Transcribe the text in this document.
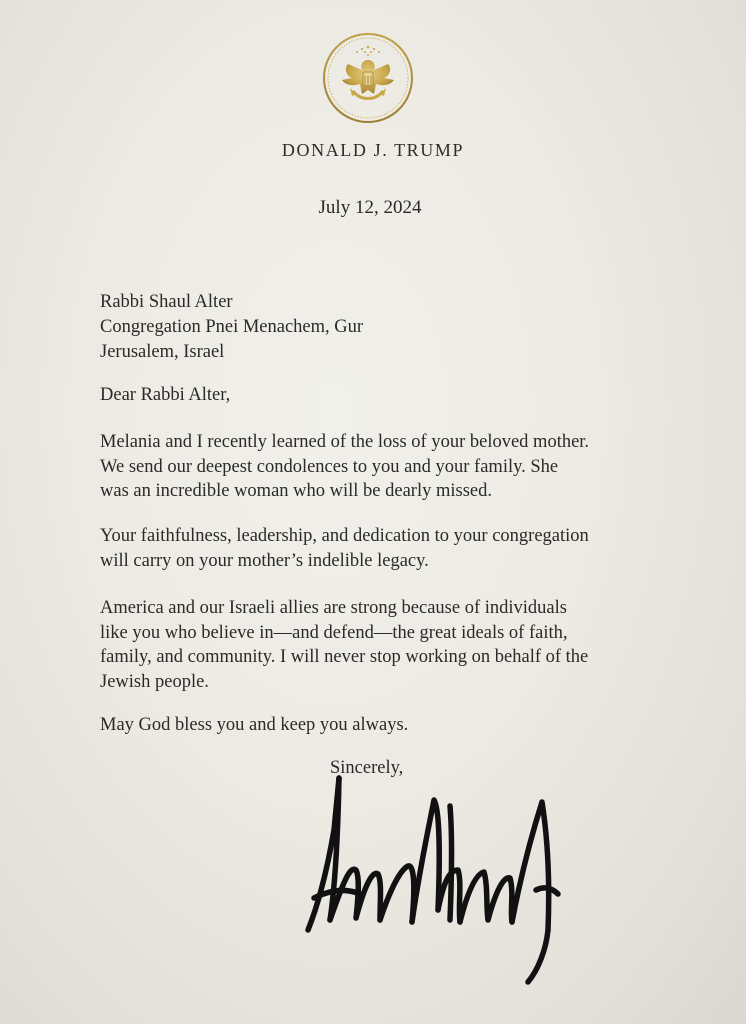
DONALD J. TRUMP
July 12, 2024
Rabbi Shaul Alter
Congregation Pnei Menachem, Gur
Jerusalem, Israel
Dear Rabbi Alter,
Melania and I recently learned of the loss of your beloved mother.
We send our deepest condolences to you and your family. She
was an incredible woman who will be dearly missed.
Your faithfulness, leadership, and dedication to your congregation
will carry on your mother’s indelible legacy.
America and our Israeli allies are strong because of individuals
like you who believe in—and defend—the great ideals of faith,
family, and community. I will never stop working on behalf of the
Jewish people.
May God bless you and keep you always.
Sincerely,
